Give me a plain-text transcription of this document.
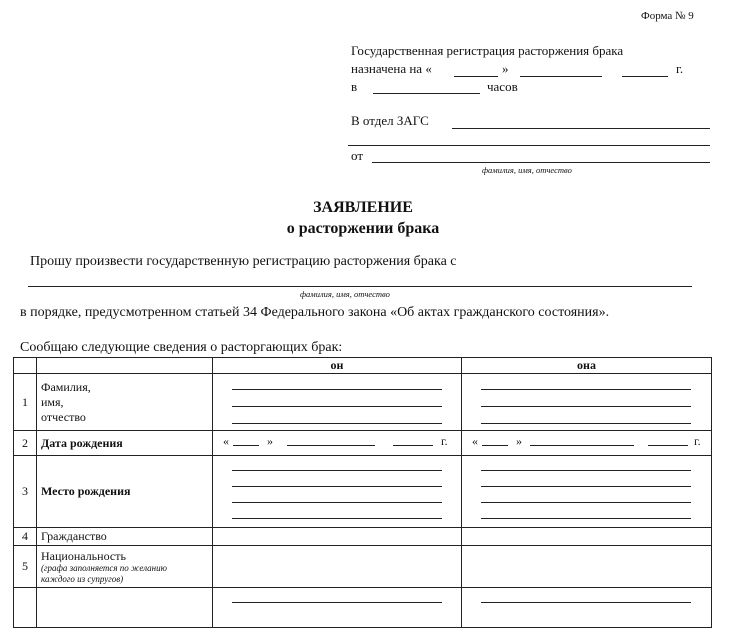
Форма № 9
Государственная регистрация расторжения брака
назначена на «	»	г.
в	часов
В отдел ЗАГС
от
фамилия, имя, отчество
ЗАЯВЛЕНИЕ
о расторжении брака
Прошу произвести государственную регистрацию расторжения брака с
фамилия, имя, отчество
в порядке, предусмотренном статьей 34 Федерального закона «Об актах гражданского состояния».
Сообщаю следующие сведения о расторгающих брак:
		он	она
1	Фамилия,
имя,
отчество		

2	Дата рождения	« » г.	« » г.

3	Место рождения	

4	Гражданство		
5	Национальность
(графа заполняется по желанию каждого из супругов)		
